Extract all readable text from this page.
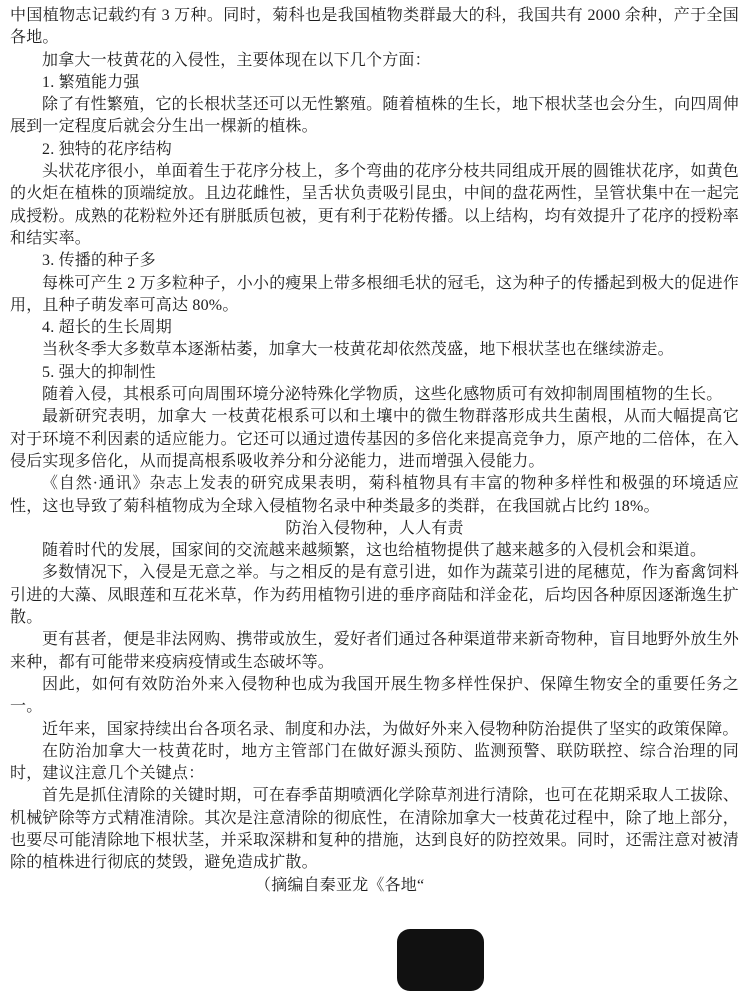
中国植物志记载约有 3 万种。同时，菊科也是我国植物类群最大的科，我国共有 2000 余种，产于全国各地。

加拿大一枝黄花的入侵性，主要体现在以下几个方面：

1. 繁殖能力强

除了有性繁殖，它的长根状茎还可以无性繁殖。随着植株的生长，地下根状茎也会分生，向四周伸展到一定程度后就会分生出一棵新的植株。

2. 独特的花序结构

头状花序很小，单面着生于花序分枝上，多个弯曲的花序分枝共同组成开展的圆锥状花序，如黄色的火炬在植株的顶端绽放。且边花雌性，呈舌状负责吸引昆虫，中间的盘花两性，呈管状集中在一起完成授粉。成熟的花粉粒外还有胼胝质包被，更有利于花粉传播。以上结构，均有效提升了花序的授粉率和结实率。

3. 传播的种子多

每株可产生 2 万多粒种子，小小的瘦果上带多根细毛状的冠毛，这为种子的传播起到极大的促进作用，且种子萌发率可高达 80%。

4. 超长的生长周期

当秋冬季大多数草本逐渐枯萎，加拿大一枝黄花却依然茂盛，地下根状茎也在继续游走。

5. 强大的抑制性

随着入侵，其根系可向周围环境分泌特殊化学物质，这些化感物质可有效抑制周围植物的生长。

最新研究表明，加拿大 一枝黄花根系可以和土壤中的微生物群落形成共生菌根，从而大幅提高它对于环境不利因素的适应能力。它还可以通过遗传基因的多倍化来提高竞争力，原产地的二倍体，在入侵后实现多倍化，从而提高根系吸收养分和分泌能力，进而增强入侵能力。

《自然·通讯》杂志上发表的研究成果表明，菊科植物具有丰富的物种多样性和极强的环境适应性，这也导致了菊科植物成为全球入侵植物名录中种类最多的类群，在我国就占比约 18%。

防治入侵物种，人人有责

随着时代的发展，国家间的交流越来越频繁，这也给植物提供了越来越多的入侵机会和渠道。

多数情况下，入侵是无意之举。与之相反的是有意引进，如作为蔬菜引进的尾穗苋，作为畜禽饲料引进的大藻、凤眼莲和互花米草，作为药用植物引进的垂序商陆和洋金花，后均因各种原因逐渐逸生扩散。

更有甚者，便是非法网购、携带或放生，爱好者们通过各种渠道带来新奇物种，盲目地野外放生外来种，都有可能带来疫病疫情或生态破坏等。

因此，如何有效防治外来入侵物种也成为我国开展生物多样性保护、保障生物安全的重要任务之一。

近年来，国家持续出台各项名录、制度和办法，为做好外来入侵物种防治提供了坚实的政策保障。

在防治加拿大一枝黄花时，地方主管部门在做好源头预防、监测预警、联防联控、综合治理的同时，建议注意几个关键点：

首先是抓住清除的关键时期，可在春季苗期喷洒化学除草剂进行清除，也可在花期采取人工拔除、机械铲除等方式精准清除。其次是注意清除的彻底性，在清除加拿大一枝黄花过程中，除了地上部分，也要尽可能清除地下根状茎，并采取深耕和复种的措施，达到良好的防控效果。同时，还需注意对被清除的植株进行彻底的焚毁，避免造成扩散。

（摘编自秦亚龙《各地“
